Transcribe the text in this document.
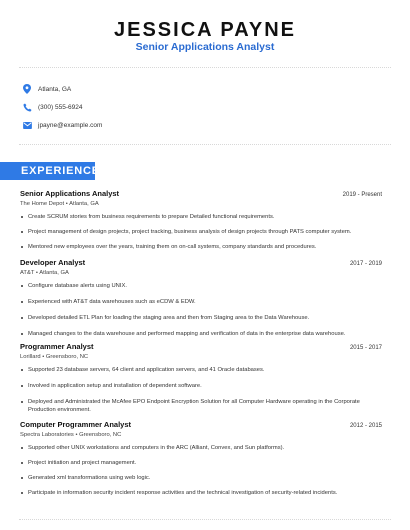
JESSICA PAYNE
Senior Applications Analyst
Atlanta, GA
(300) 555-6924
jpayne@example.com
EXPERIENCE
Senior Applications Analyst	2019 - Present
The Home Depot • Atlanta, GA
Create SCRUM stories from business requirements to prepare Detailed functional requirements.
Project management of design projects, project tracking, business analysis of design projects through PATS computer system.
Mentored new employees over the years, training them on on-call systems, company standards and procedures.
Developer Analyst	2017 - 2019
AT&T • Atlanta, GA
Configure database alerts using UNIX.
Experienced with AT&T data warehouses such as eCDW & EDW.
Developed detailed ETL Plan for loading the staging area and then from Staging area to the Data Warehouse.
Managed changes to the data warehouse and performed mapping and verification of data in the enterprise data warehouse.
Programmer Analyst	2015 - 2017
Lorillard • Greensboro, NC
Supported 23 database servers, 64 client and application servers, and 41 Oracle databases.
Involved in application setup and installation of dependent software.
Deployed and Administrated the McAfee EPO Endpoint Encryption Solution for all Computer Hardware operating in the Corporate Production environment.
Computer Programmer Analyst	2012 - 2015
Spectra Laboratories • Greensboro, NC
Supported other UNIX workstations and computers in the ARC (Alliant, Convex, and Sun platforms).
Project initiation and project management.
Generated xml transformations using web logic.
Participate in information security incident response activities and the technical investigation of security-related incidents.
